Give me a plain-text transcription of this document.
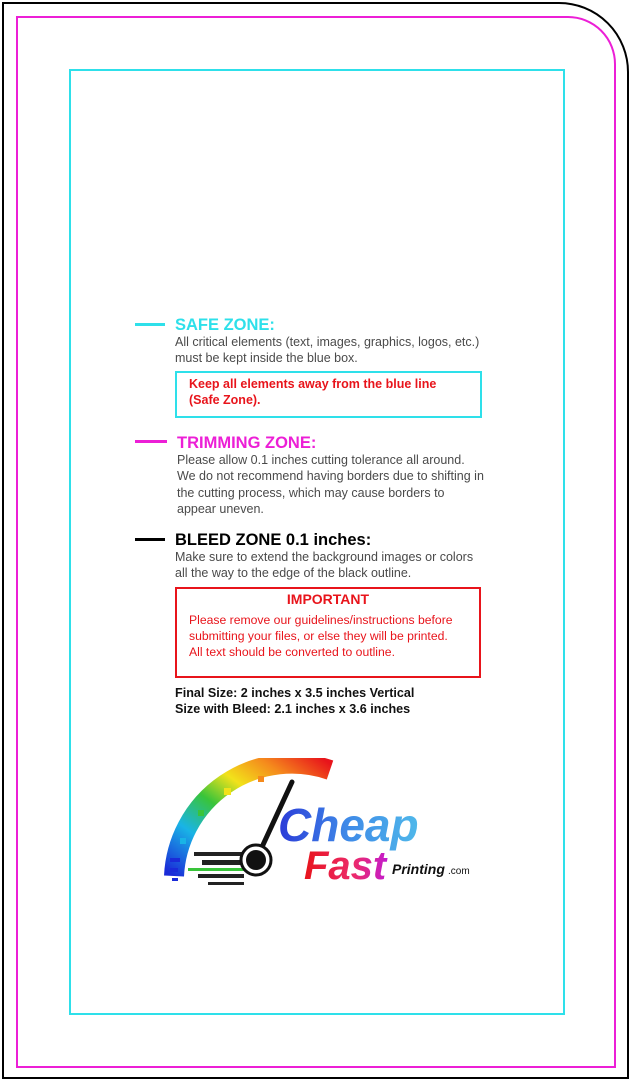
SAFE ZONE:
All critical elements (text, images, graphics, logos, etc.)
must be kept inside the blue box.
Keep all elements away from the blue line
(Safe Zone).
TRIMMING ZONE:
Please allow 0.1 inches cutting tolerance all around.
We do not recommend having borders due to shifting in
the cutting process, which may cause borders to
appear uneven.
BLEED ZONE 0.1 inches:
Make sure to extend the background images or colors
all the way to the edge of the black outline.
IMPORTANT
Please remove our guidelines/instructions before
submitting your files, or else they will be printed.
All text should be converted to outline.
Final Size: 2 inches x 3.5 inches Vertical
Size with Bleed: 2.1 inches x 3.6 inches
Cheap
Fast Printing .com
